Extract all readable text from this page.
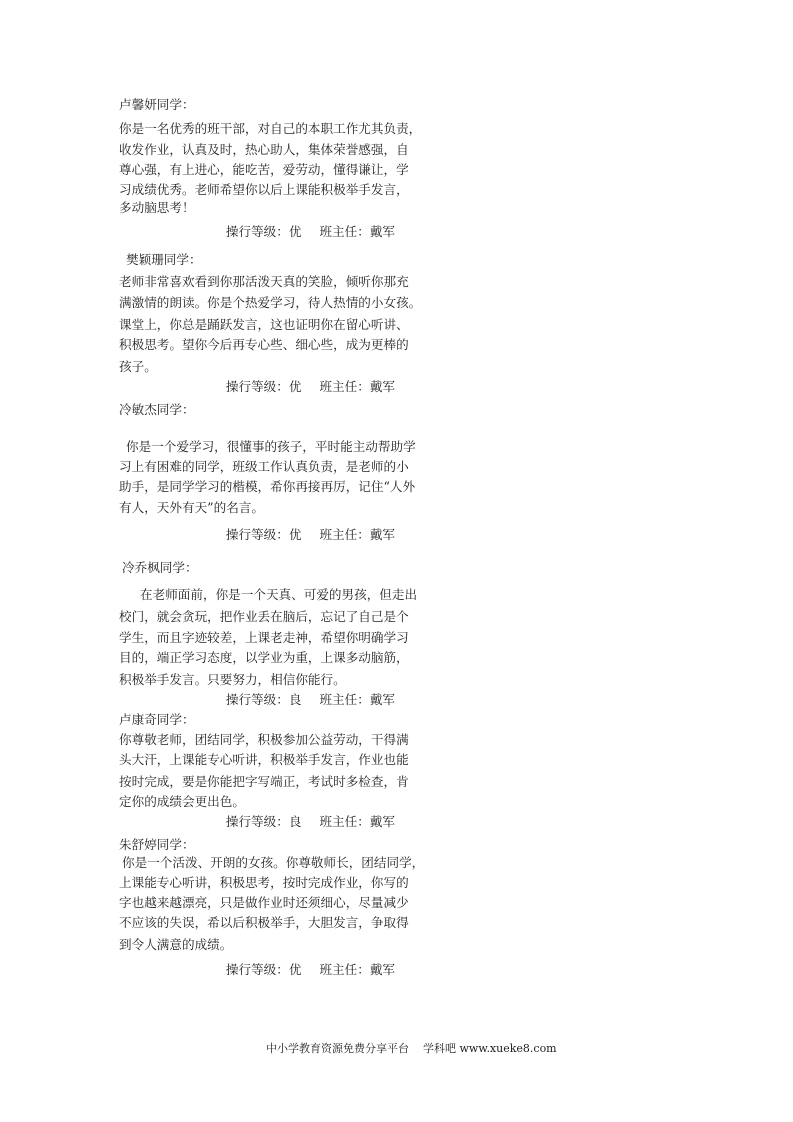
卢馨妍同学：
你是一名优秀的班干部，对自己的本职工作尤其负责，
收发作业，认真及时，热心助人，集体荣誉感强，自
尊心强，有上进心，能吃苦，爱劳动，懂得谦让，学
习成绩优秀。老师希望你以后上课能积极举手发言，
多动脑思考！
操行等级：优 班主任：戴军
樊颖珊同学：
老师非常喜欢看到你那活泼天真的笑脸，倾听你那充
满激情的朗读。你是个热爱学习，待人热情的小女孩。
课堂上，你总是踊跃发言，这也证明你在留心听讲、
积极思考。望你今后再专心些、细心些，成为更棒的
孩子。
操行等级：优 班主任：戴军
冷敏杰同学：
你是一个爱学习，很懂事的孩子，平时能主动帮助学
习上有困难的同学，班级工作认真负责，是老师的小
助手，是同学学习的楷模，希你再接再厉，记住“人外
有人，天外有天”的名言。
操行等级：优 班主任：戴军
冷乔枫同学：
在老师面前，你是一个天真、可爱的男孩，但走出
校门，就会贪玩，把作业丢在脑后，忘记了自己是个
学生，而且字迹较差，上课老走神，希望你明确学习
目的，端正学习态度，以学业为重，上课多动脑筋，
积极举手发言。只要努力，相信你能行。
操行等级：良 班主任：戴军
卢康奇同学：
你尊敬老师，团结同学，积极参加公益劳动，干得满
头大汗，上课能专心听讲，积极举手发言，作业也能
按时完成，要是你能把字写端正，考试时多检查，肯
定你的成绩会更出色。
操行等级：良 班主任：戴军
朱舒婷同学：
你是一个活泼、开朗的女孩。你尊敬师长，团结同学，
上课能专心听讲，积极思考，按时完成作业，你写的
字也越来越漂亮，只是做作业时还须细心，尽量减少
不应该的失误，希以后积极举手，大胆发言，争取得
到令人满意的成绩。
操行等级：优 班主任：戴军
中小学教育资源免费分享平台 学科吧 www.xueke8.com
